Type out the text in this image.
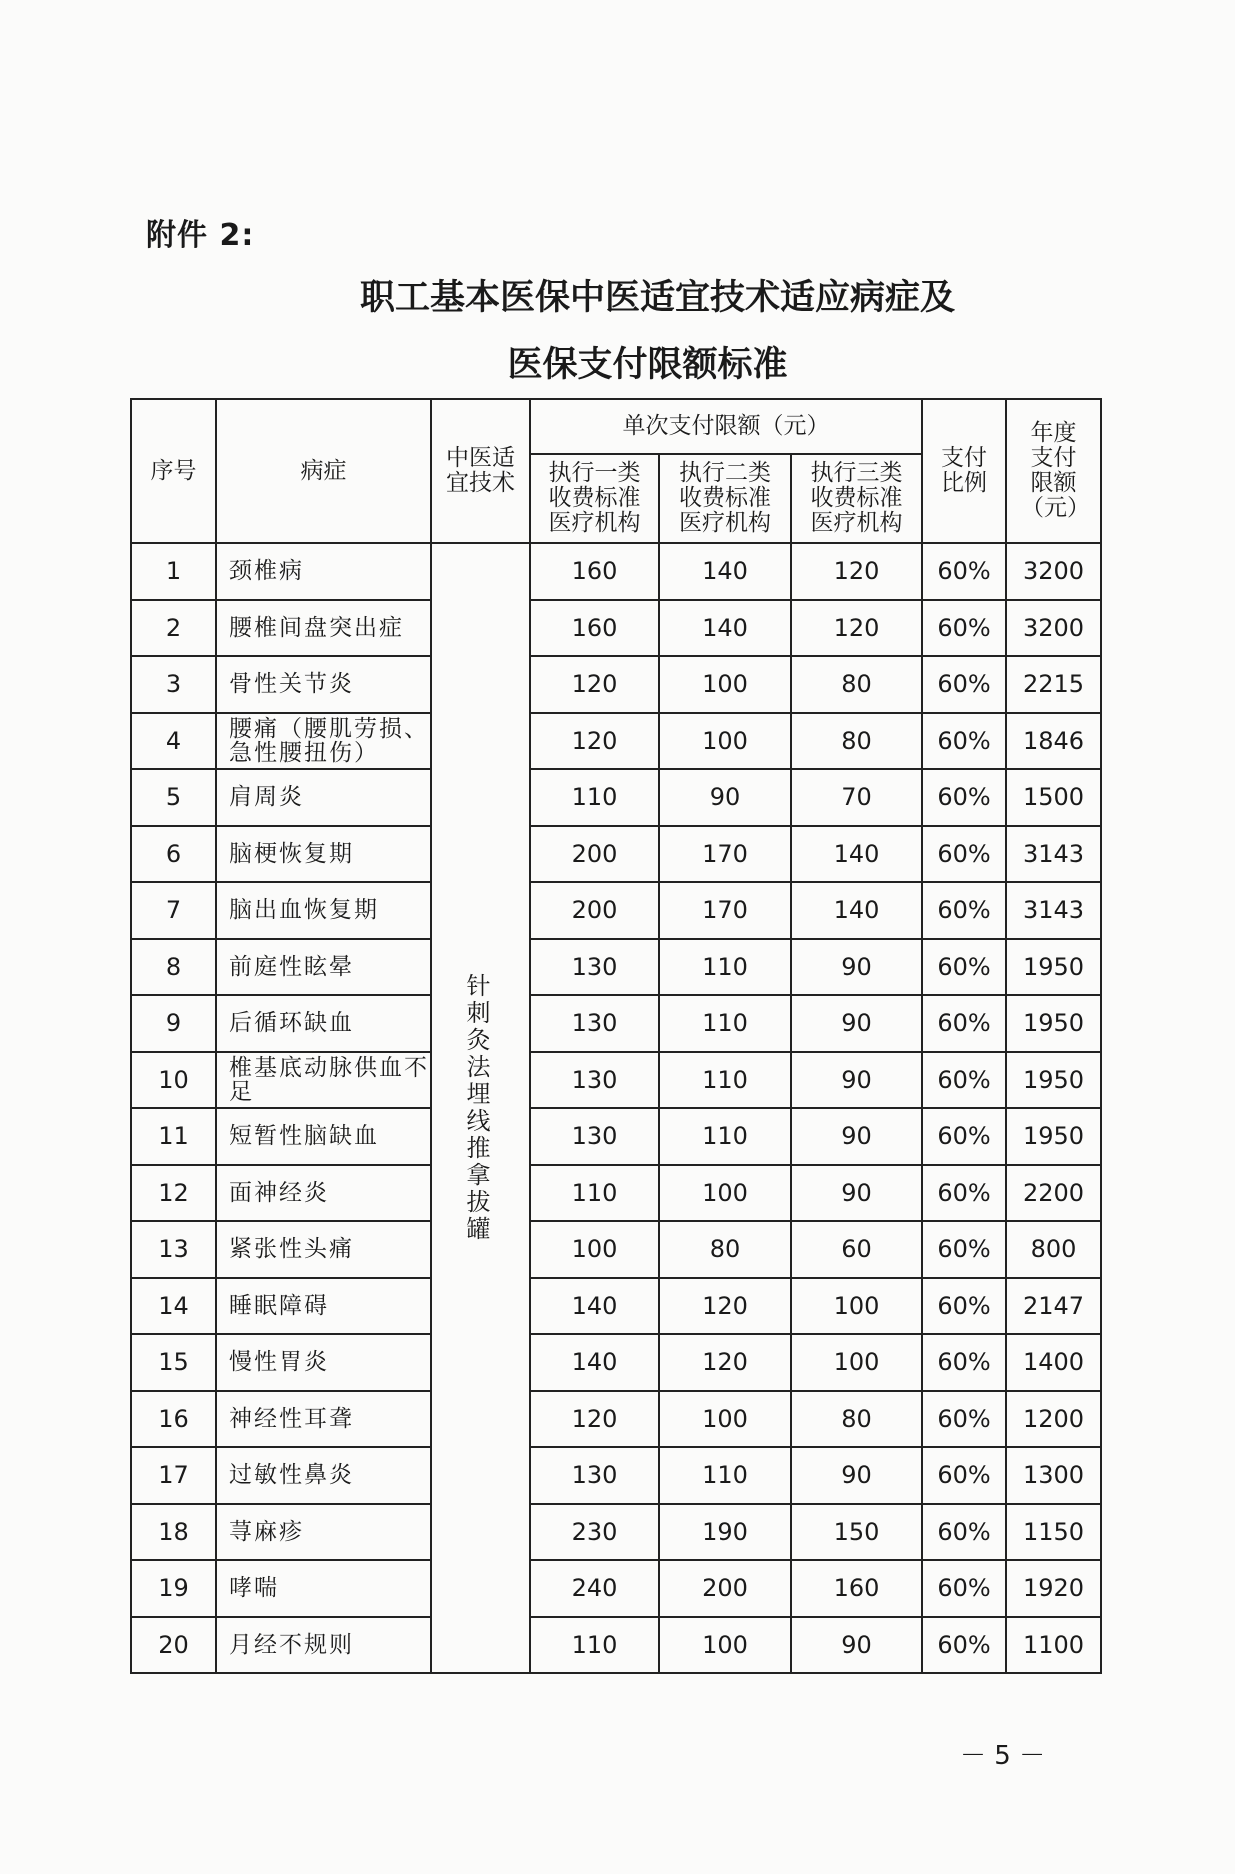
附件 2:
职工基本医保中医适宜技术适应病症及
医保支付限额标准
序号	病症	中医适宜技术	单次支付限额（元）			支付比例	年度支付限额（元）
			执行一类收费标准医疗机构	执行二类收费标准医疗机构	执行三类收费标准医疗机构		
1	颈椎病	针刺灸法埋线推拿拔罐	160	140	120	60%	3200
2	腰椎间盘突出症		160	140	120	60%	3200
3	骨性关节炎		120	100	80	60%	2215
4	腰痛（腰肌劳损、急性腰扭伤）		120	100	80	60%	1846
5	肩周炎		110	90	70	60%	1500
6	脑梗恢复期		200	170	140	60%	3143
7	脑出血恢复期		200	170	140	60%	3143
8	前庭性眩晕		130	110	90	60%	1950
9	后循环缺血		130	110	90	60%	1950
10	椎基底动脉供血不足		130	110	90	60%	1950
11	短暂性脑缺血		130	110	90	60%	1950
12	面神经炎		110	100	90	60%	2200
13	紧张性头痛		100	80	60	60%	800
14	睡眠障碍		140	120	100	60%	2147
15	慢性胃炎		140	120	100	60%	1400
16	神经性耳聋		120	100	80	60%	1200
17	过敏性鼻炎		130	110	90	60%	1300
18	荨麻疹		230	190	150	60%	1150
19	哮喘		240	200	160	60%	1920
20	月经不规则		110	100	90	60%	1100
－ 5 －
